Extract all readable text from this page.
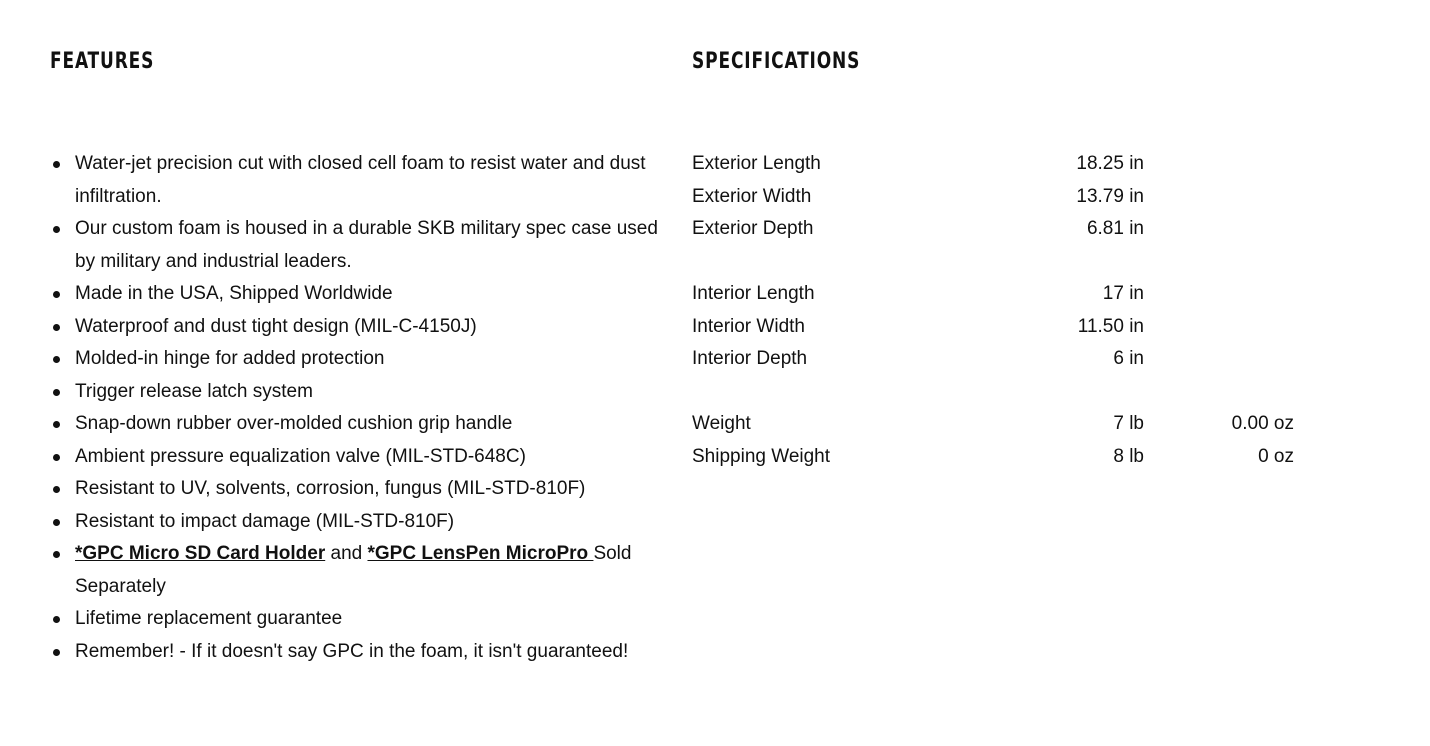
FEATURES	SPECIFICATIONS
Water-jet precision cut with closed cell foam to resist water and dust infiltration.
Our custom foam is housed in a durable SKB military spec case used by military and industrial leaders.
Made in the USA, Shipped Worldwide
Waterproof and dust tight design (MIL-C-4150J)
Molded-in hinge for added protection
Trigger release latch system
Snap-down rubber over-molded cushion grip handle
Ambient pressure equalization valve (MIL-STD-648C)
Resistant to UV, solvents, corrosion, fungus (MIL-STD-810F)
Resistant to impact damage (MIL-STD-810F)
*GPC Micro SD Card Holder and *GPC LensPen MicroPro Sold Separately
Lifetime replacement guarantee
Remember! - If it doesn't say GPC in the foam, it isn't guaranteed!
Exterior Length	18.25 in
Exterior Width	13.79 in
Exterior Depth	6.81 in
Interior Length	17 in
Interior Width	11.50 in
Interior Depth	6 in
Weight	7 lb	0.00 oz
Shipping Weight	8 lb	0 oz
